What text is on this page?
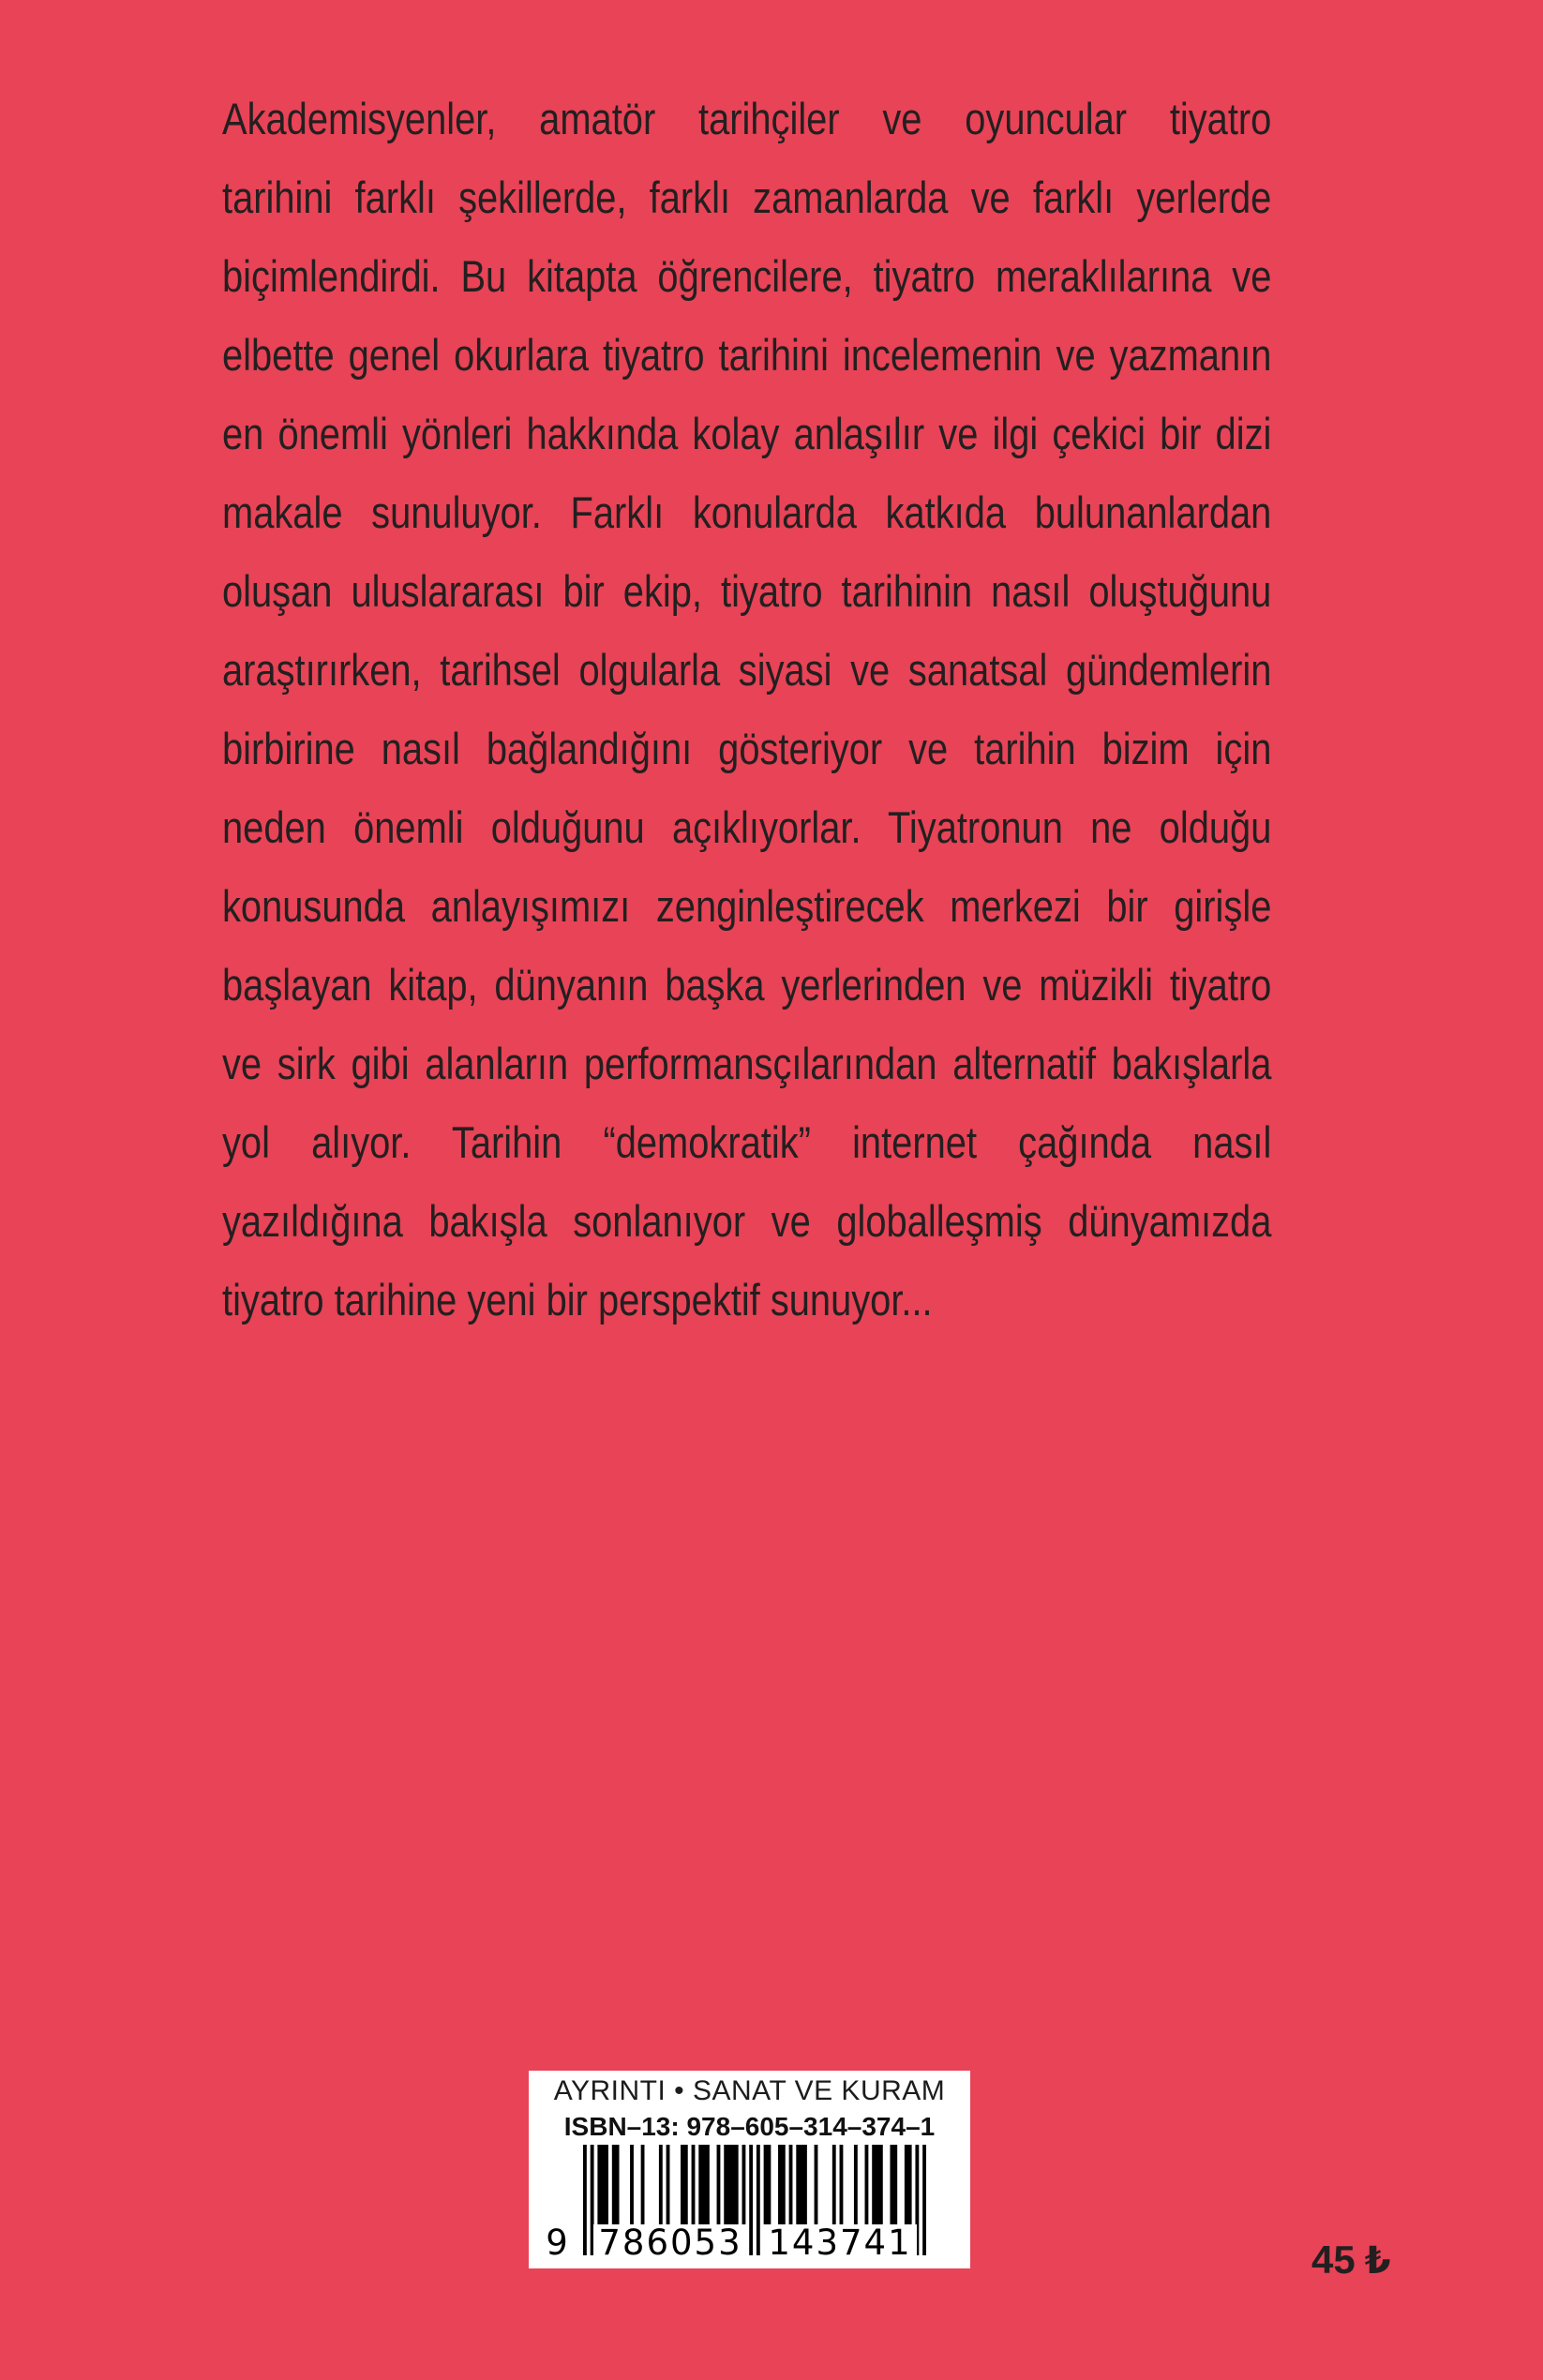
Akademisyenler, amatör tarihçiler ve oyuncular tiyatro
tarihini farklı şekillerde, farklı zamanlarda ve farklı yerlerde
biçimlendirdi. Bu kitapta öğrencilere, tiyatro meraklılarına ve
elbette genel okurlara tiyatro tarihini incelemenin ve yazmanın
en önemli yönleri hakkında kolay anlaşılır ve ilgi çekici bir dizi
makale sunuluyor. Farklı konularda katkıda bulunanlardan
oluşan uluslararası bir ekip, tiyatro tarihinin nasıl oluştuğunu
araştırırken, tarihsel olgularla siyasi ve sanatsal gündemlerin
birbirine nasıl bağlandığını gösteriyor ve tarihin bizim için
neden önemli olduğunu açıklıyorlar. Tiyatronun ne olduğu
konusunda anlayışımızı zenginleştirecek merkezi bir girişle
başlayan kitap, dünyanın başka yerlerinden ve müzikli tiyatro
ve sirk gibi alanların performansçılarından alternatif bakışlarla
yol alıyor. Tarihin “demokratik” internet çağında nasıl
yazıldığına bakışla sonlanıyor ve globalleşmiş dünyamızda
tiyatro tarihine yeni bir perspektif sunuyor...
AYRINTI • SANAT VE KURAM
ISBN–13: 978–605–314–374–1
9 786053 143741	45 ₺
